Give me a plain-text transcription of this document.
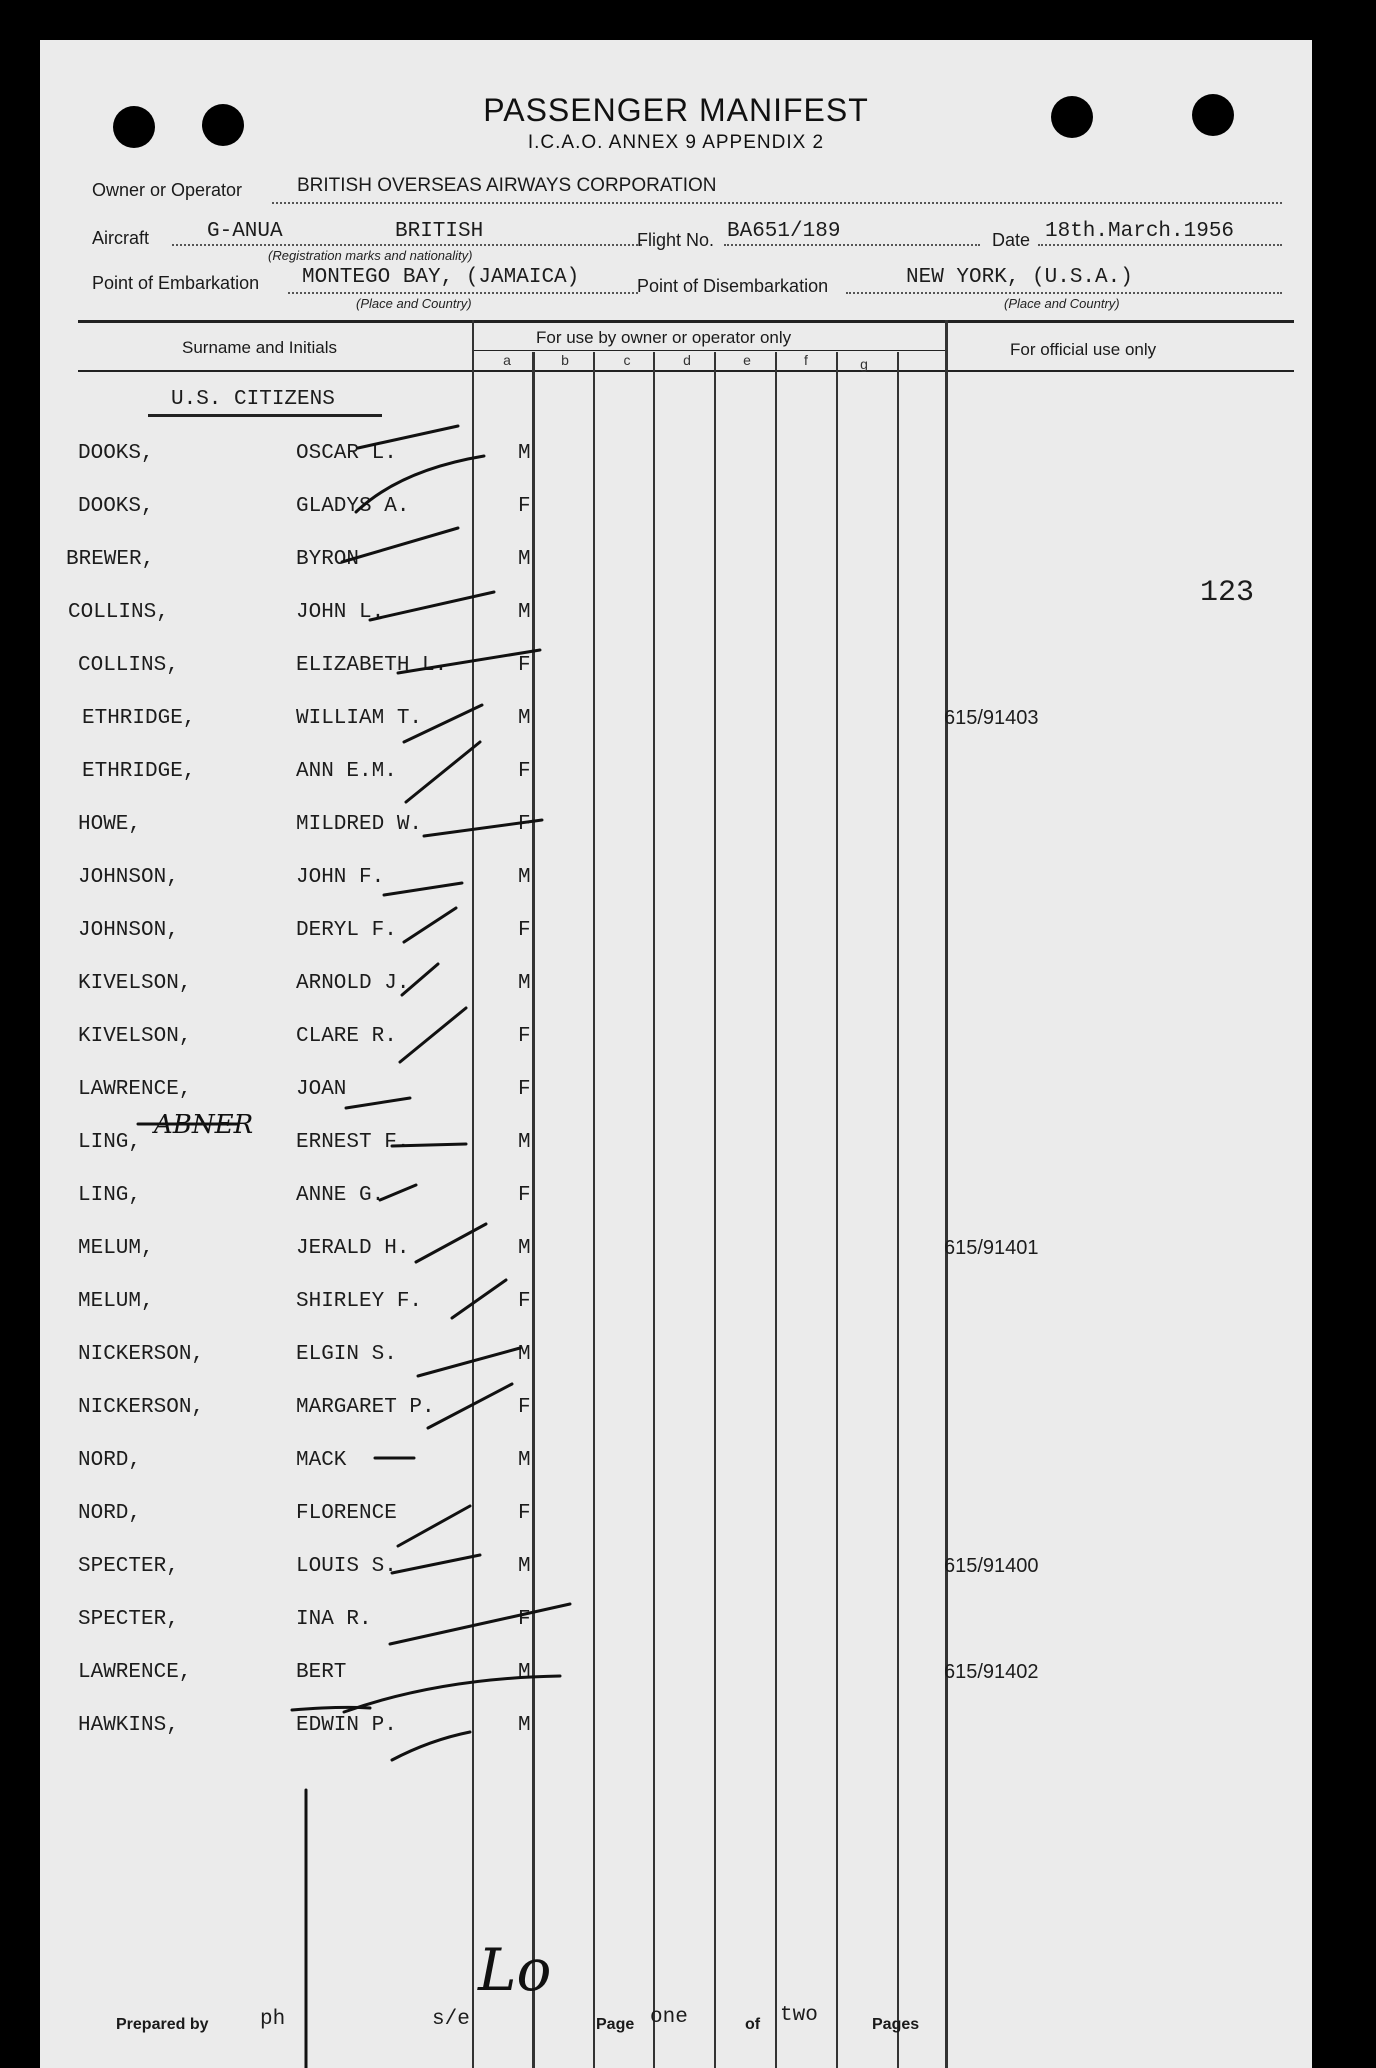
PASSENGER MANIFEST
I.C.A.O. ANNEX 9 APPENDIX 2
Owner or Operator	BRITISH OVERSEAS AIRWAYS CORPORATION
Aircraft	G-ANUA	BRITISH
(Registration marks and nationality)
Flight No. BA651/189	Date 18th.March.1956
Point of Embarkation MONTEGO BAY, (JAMAICA)
(Place and Country)
Point of Disembarkation	NEW YORK, (U.S.A.)
(Place and Country)
Surname and Initials
For use by owner or operator only
For official use only
a	b	c	d	e	f	g
U.S. CITIZENS
DOOKS,	OSCAR L.	M
DOOKS,	GLADYS A.	F
BREWER,	BYRON	M
COLLINS,	JOHN L.	M
COLLINS,	ELIZABETH L.	F
ETHRIDGE,	WILLIAM T.	M	615/91403
ETHRIDGE,	ANN E.M.	F
HOWE,	MILDRED W.	F
JOHNSON,	JOHN F.	M
JOHNSON,	DERYL F.	F
KIVELSON,	ARNOLD J.	M
KIVELSON,	CLARE R.	F
LAWRENCE,	JOAN	F
LING,	ERNEST F.	M
LING,	ANNE G.	F
MELUM,	JERALD H.	M	615/91401
MELUM,	SHIRLEY F.	F
NICKERSON,	ELGIN S.	M
NICKERSON,	MARGARET P.	F
NORD,	MACK	M
NORD,	FLORENCE	F
SPECTER,	LOUIS S.	M	615/91400
SPECTER,	INA R.	F
LAWRENCE,	BERT	M	615/91402
HAWKINS,	EDWIN P.	M
ABNER
123
Lo
Prepared by ph	s/e	Page one	of two	Pages
